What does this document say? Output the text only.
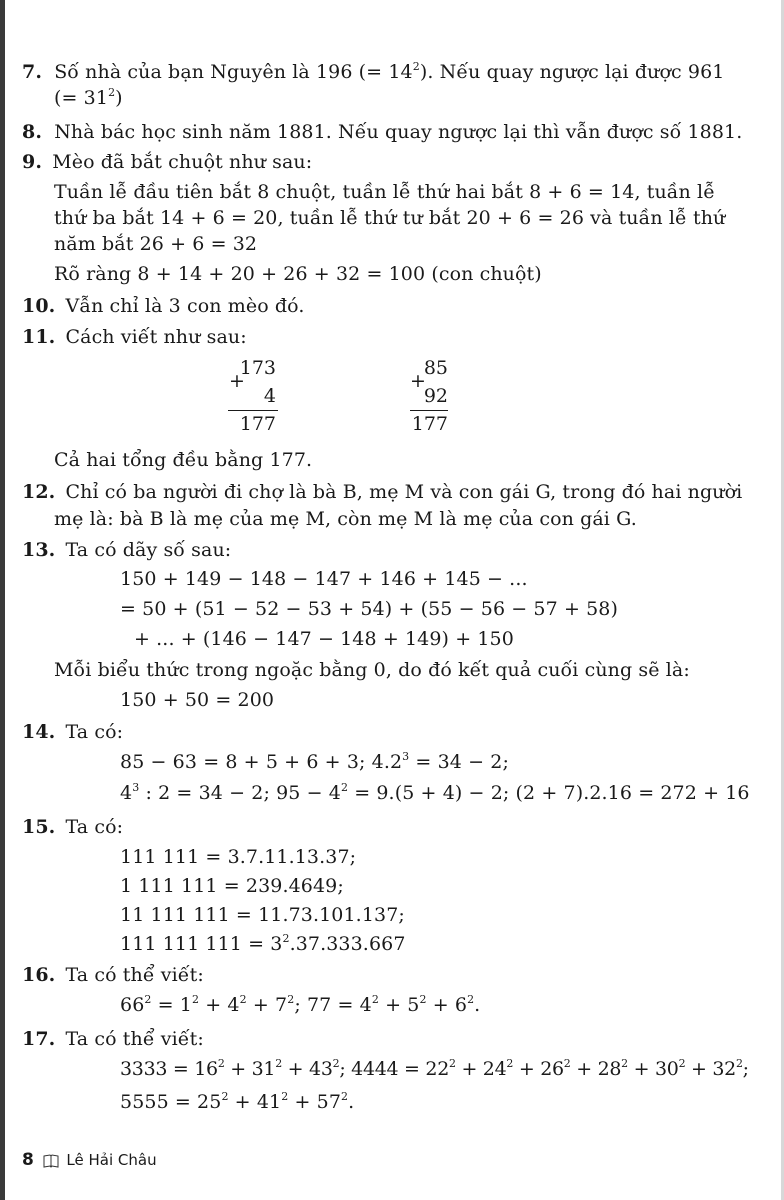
7. Số nhà của bạn Nguyên là 196 (= $14^2$). Nếu quay ngược lại được 961
(= $31^2$)
8. Nhà bác học sinh năm 1881. Nếu quay ngược lại thì vẫn được số 1881.
9. Mèo đã bắt chuột như sau:
Tuần lễ đầu tiên bắt 8 chuột, tuần lễ thứ hai bắt 8 + 6 = 14, tuần lễ
thứ ba bắt 14 + 6 = 20, tuần lễ thứ tư bắt 20 + 6 = 26 và tuần lễ thứ
năm bắt 26 + 6 = 32
Rõ ràng 8 + 14 + 20 + 26 + 32 = 100 (con chuột)
10. Vẫn chỉ là 3 con mèo đó.
11. Cách viết như sau:
173
+
4
177
85
+
92
177
Cả hai tổng đều bằng 177.
12. Chỉ có ba người đi chợ là bà B, mẹ M và con gái G, trong đó hai người
mẹ là: bà B là mẹ của mẹ M, còn mẹ M là mẹ của con gái G.
13. Ta có dãy số sau:
150 + 149 − 148 − 147 + 146 + 145 − ...
= 50 + (51 − 52 − 53 + 54) + (55 − 56 − 57 + 58)
+ ... + (146 − 147 − 148 + 149) + 150
Mỗi biểu thức trong ngoặc bằng 0, do đó kết quả cuối cùng sẽ là:
150 + 50 = 200
14. Ta có:
85 − 63 = 8 + 5 + 6 + 3; $4.2^3 = 34 - 2$;
$4^3$ : 2 = 34 − 2; $95 - 4^2 = 9.(5 + 4) - 2$; (2 + 7).2.16 = 272 + 16
15. Ta có:
111 111 = 3.7.11.13.37;
1 111 111 = 239.4649;
11 111 111 = 11.73.101.137;
111 111 $111 = 3^2.37.333.667$
16. Ta có thể viết:
$66^2 = 1^2 + 4^2 + 7^2$; $77 = 4^2 + 5^2 + 6^2$.
17. Ta có thể viết:
$3333 = 16^2 + 31^2 + 43^2$; $4444 = 22^2 + 24^2 + 26^2 + 28^2 + 30^2 + 32^2$;
$5555 = 25^2 + 41^2 + 57^2$.
8 Lê Hải Châu
